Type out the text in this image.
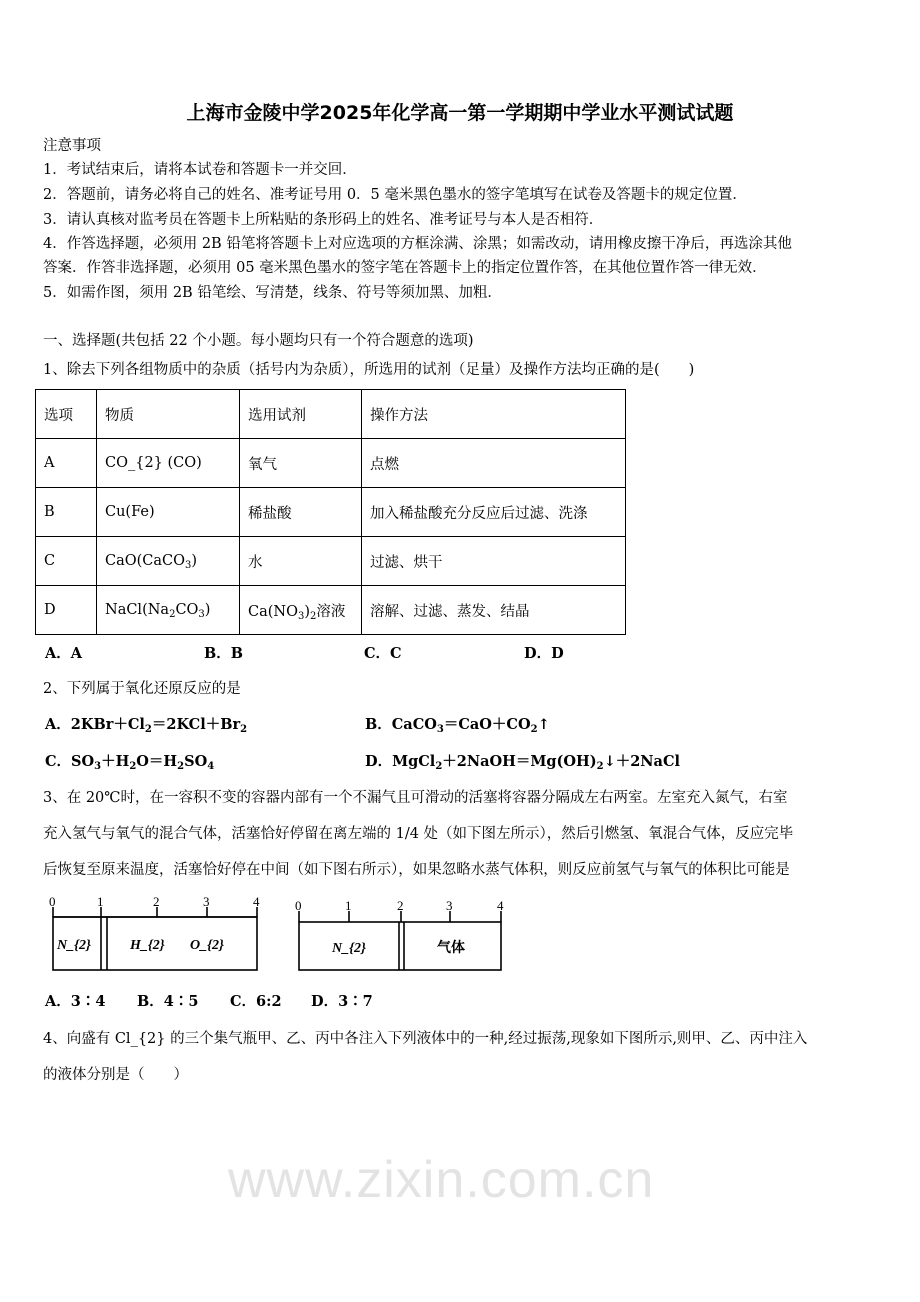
www.zixin.com.cn
上海市金陵中学2025年化学高一第一学期期中学业水平测试试题
注意事项
1．考试结束后，请将本试卷和答题卡一并交回．
2．答题前，请务必将自己的姓名、准考证号用 0．5 毫米黑色墨水的签字笔填写在试卷及答题卡的规定位置．
3．请认真核对监考员在答题卡上所粘贴的条形码上的姓名、准考证号与本人是否相符．
4．作答选择题，必须用 2B 铅笔将答题卡上对应选项的方框涂满、涂黑；如需改动，请用橡皮擦干净后，再选涂其他
答案．作答非选择题，必须用 05 毫米黑色墨水的签字笔在答题卡上的指定位置作答，在其他位置作答一律无效．
5．如需作图，须用 2B 铅笔绘、写清楚，线条、符号等须加黑、加粗．
一、选择题(共包括 22 个小题。每小题均只有一个符合题意的选项)
1、除去下列各组物质中的杂质（括号内为杂质），所选用的试剂（足量）及操作方法均正确的是(　　)
选项	物质	选用试剂	操作方法
A	CO_{2} (CO)	氧气	点燃
B	Cu(Fe)	稀盐酸	加入稀盐酸充分反应后过滤、洗涤
C	CaO(CaCO$_3$)	水	过滤、烘干
D	$NaCl(Na_2CO_3)$	$Ca(NO_3)_2$溶液	溶解、过滤、蒸发、结晶
A．A	B．B	C．C	D．D
2、下列属于氧化还原反应的是
A．$2KBr+Cl_2=2KCl+Br_2$	B．$CaCO_3=CaO+CO_2↑$
C．$SO_3+H_2O=H_2SO_4$	D．$MgCl_2+2NaOH=Mg(OH)_2↓+2NaCl$
3、在 20℃时，在一容积不变的容器内部有一个不漏气且可滑动的活塞将容器分隔成左右两室。左室充入氮气，右室
充入氢气与氧气的混合气体，活塞恰好停留在离左端的 1/4 处（如下图左所示），然后引燃氢、氧混合气体，反应完毕
后恢复至原来温度，活塞恰好停在中间（如下图右所示），如果忽略水蒸气体积，则反应前氢气与氧气的体积比可能是
0	1	2	3	4	0	1	2	3	4
N_{2}	H_{2} O_{2}	N_{2}	气体
A．3∶4 B．4∶5 C．6:2 D．3∶7
4、向盛有 Cl_{2} 的三个集气瓶甲、乙、丙中各注入下列液体中的一种,经过振荡,现象如下图所示,则甲、乙、丙中注入
的液体分别是（　　）
